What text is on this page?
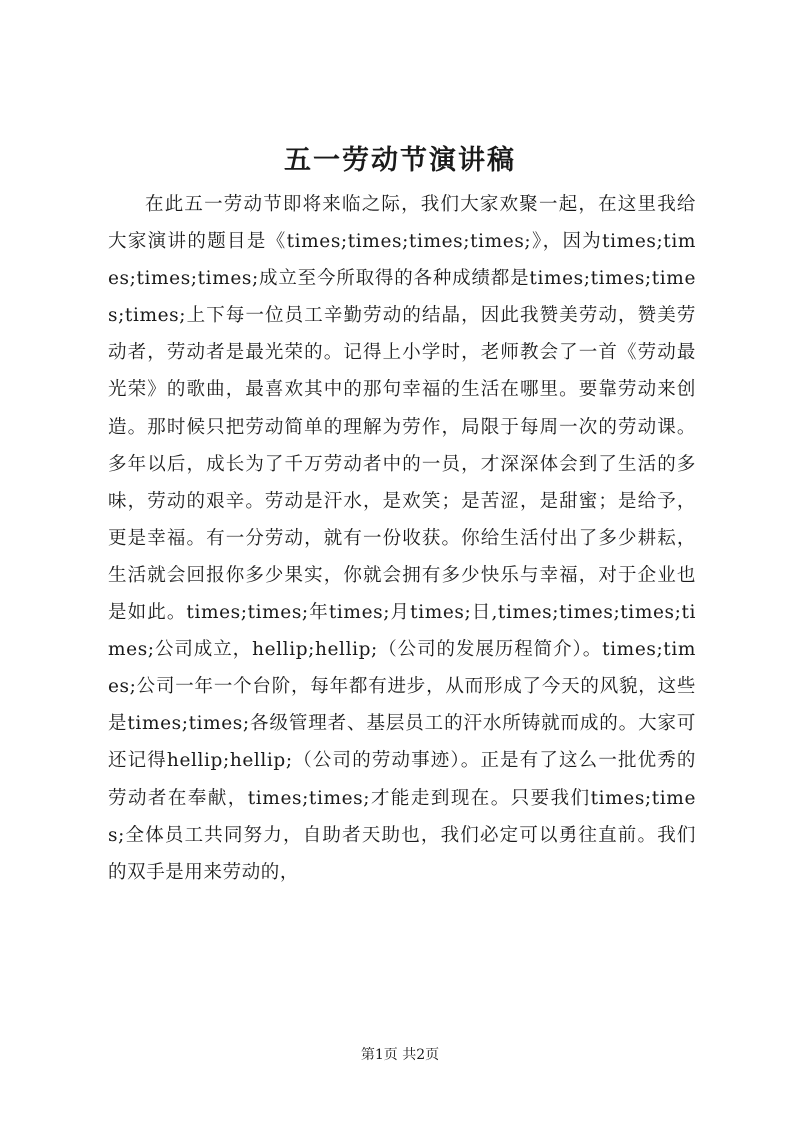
五一劳动节演讲稿

在此五一劳动节即将来临之际，我们大家欢聚一起，在这里我给大家演讲的题目是《times;times;times;times;》，因为times;times;times;times;成立至今所取得的各种成绩都是times;times;times;times;上下每一位员工辛勤劳动的结晶，因此我赞美劳动，赞美劳动者，劳动者是最光荣的。记得上小学时，老师教会了一首《劳动最光荣》的歌曲，最喜欢其中的那句幸福的生活在哪里。要靠劳动来创造。那时候只把劳动简单的理解为劳作，局限于每周一次的劳动课。多年以后，成长为了千万劳动者中的一员，才深深体会到了生活的多味，劳动的艰辛。劳动是汗水，是欢笑；是苦涩，是甜蜜；是给予，更是幸福。有一分劳动，就有一份收获。你给生活付出了多少耕耘，生活就会回报你多少果实，你就会拥有多少快乐与幸福，对于企业也是如此。times;times;年times;月times;日,times;times;times;times;公司成立，hellip;hellip;（公司的发展历程简介）。times;times;公司一年一个台阶，每年都有进步，从而形成了今天的风貌，这些是times;times;各级管理者、基层员工的汗水所铸就而成的。大家可还记得hellip;hellip;（公司的劳动事迹）。正是有了这么一批优秀的劳动者在奉献，times;times;才能走到现在。只要我们times;times;全体员工共同努力，自助者天助也，我们必定可以勇往直前。我们的双手是用来劳动的，

第1页 共2页
